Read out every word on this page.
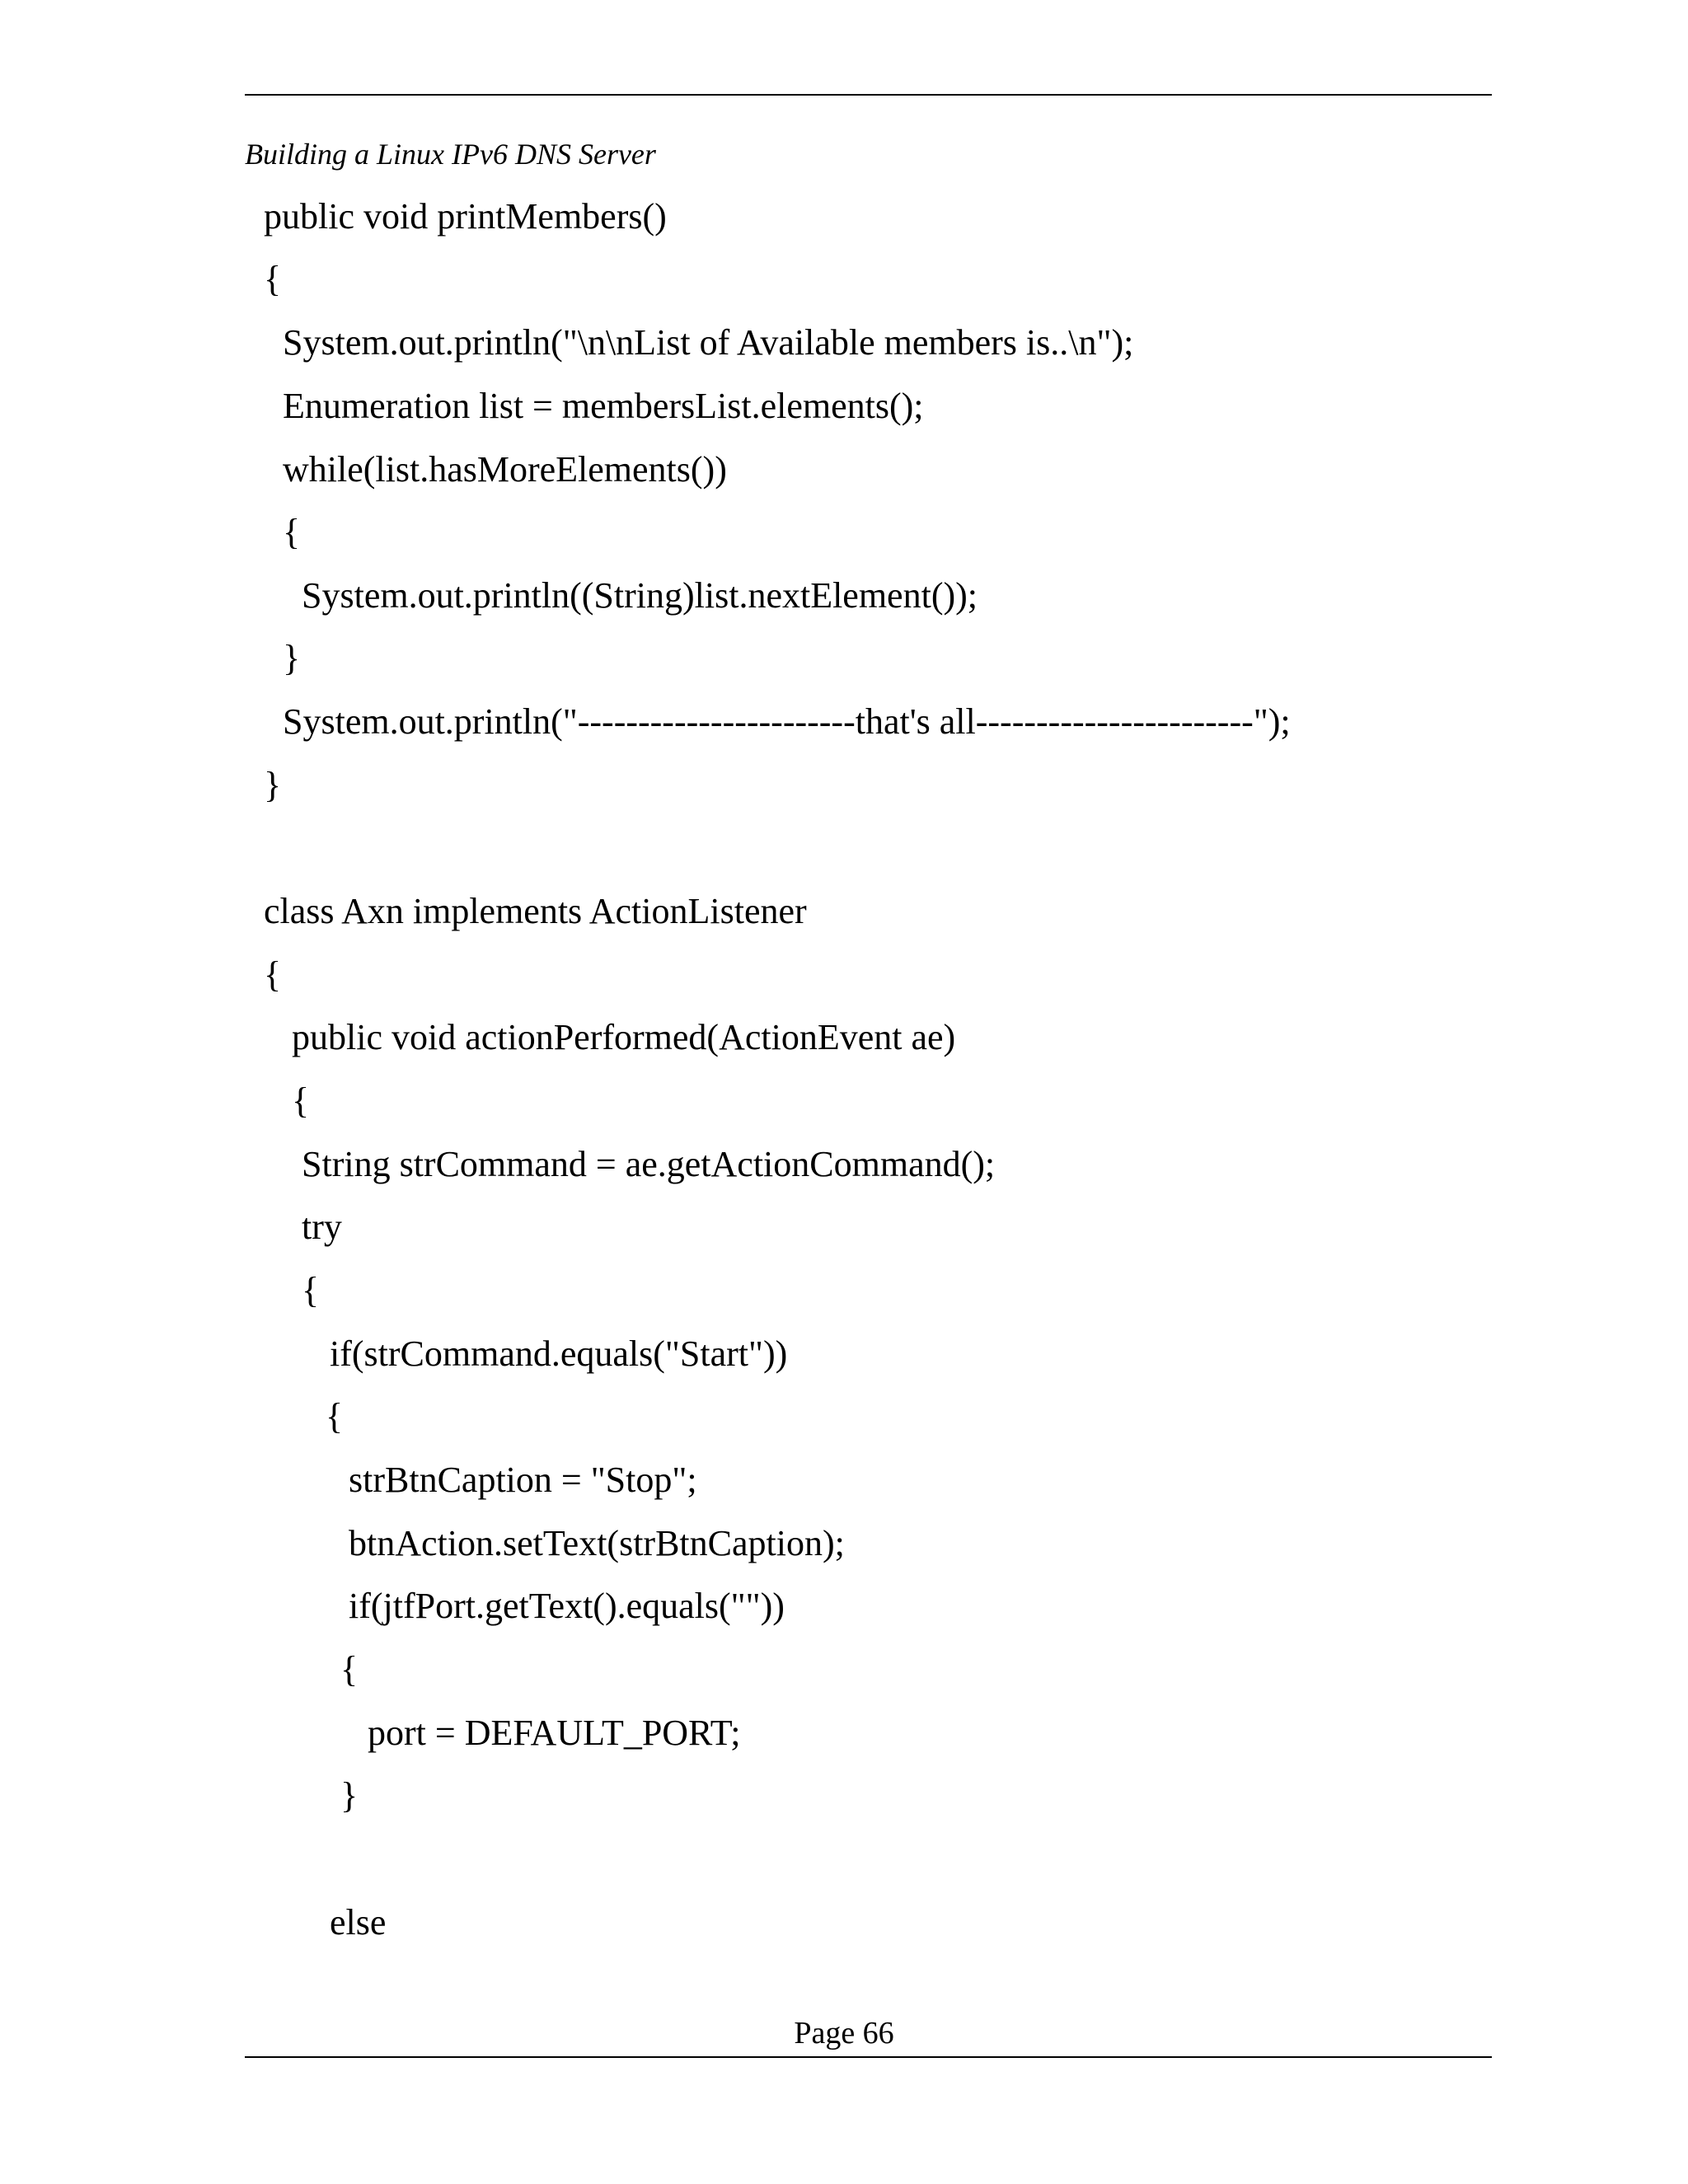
Building a Linux IPv6 DNS Server
public void printMembers()
{
System.out.println("\n\nList of Available members is..\n");
Enumeration list = membersList.elements();
while(list.hasMoreElements())
{
System.out.println((String)list.nextElement());
}
System.out.println("-----------------------that's all-----------------------");
}
class Axn implements ActionListener
{
public void actionPerformed(ActionEvent ae)
{
String strCommand = ae.getActionCommand();
try
{
if(strCommand.equals("Start"))
{
strBtnCaption = "Stop";
btnAction.setText(strBtnCaption);
if(jtfPort.getText().equals(""))
{
port = DEFAULT_PORT;
}
else
Page 66
